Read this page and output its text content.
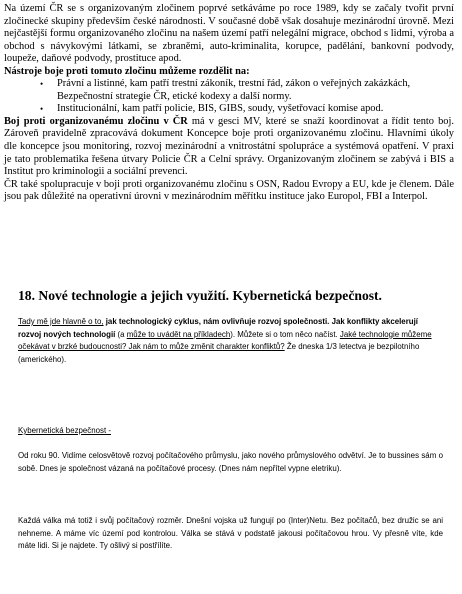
Na území ČR se s organizovaným zločinem poprvé setkáváme po roce 1989, kdy se začaly tvořit první zločinecké skupiny především české národnosti. V současné době však dosahuje mezinárodní úrovně. Mezi nejčastější formu organizovaného zločinu na našem území patří nelegální migrace, obchod s lidmi, výroba a obchod s návykovými látkami, se zbraněmi, auto-kriminalita, korupce, padělání, bankovní podvody, loupeže, daňové podvody, prostituce apod.

Nástroje boje proti tomuto zločinu můžeme rozdělit na:

• Právní a listinné, kam patří trestní zákoník, trestní řád, zákon o veřejných zakázkách, Bezpečnostní strategie ČR, etické kodexy a další normy.
• Institucionální, kam patří policie, BIS, GIBS, soudy, vyšetřovací komise apod.

Boj proti organizovanému zločinu v ČR má v gesci MV, které se snaží koordinovat a řídit tento boj. Zároveň pravidelně zpracovává dokument Koncepce boje proti organizovanému zločinu. Hlavními úkoly dle koncepce jsou monitoring, rozvoj mezinárodní a vnitrostátní spolupráce a systémová opatření. V praxi je tato problematika řešena útvary Policie ČR a Celní správy. Organizovaným zločinem se zabývá i BIS a Institut pro kriminologii a sociální prevenci.

ČR také spolupracuje v boji proti organizovanému zločinu s OSN, Radou Evropy a EU, kde je členem. Dále jsou pak důležité na operativní úrovni v mezinárodním měřítku instituce jako Europol, FBI a Interpol.

18. Nové technologie a jejich využití. Kybernetická bezpečnost.

Tady mě jde hlavně o to, jak technologický cyklus, nám ovlivňuje rozvoj společnosti. Jak konflikty akcelerují rozvoj nových technologií (a může to uvádět na příkladech). Můžete si o tom něco načíst. Jaké technologie můžeme očekávat v brzké budoucnosti? Jak nám to může změnit charakter konfliktů? Že dneska 1/3 letectva je bezpilotního (amerického).

Kybernetická bezpečnost -

Od roku 90. Vidíme celosvětově rozvoj počítačového průmyslu, jako nového průmyslového odvětví. Je to bussines sám o sobě. Dnes je společnost vázaná na počítačové procesy. (Dnes nám nepřítel vypne eletriku).

Každá válka má totiž i svůj počítačový rozměr. Dnešní vojska už fungují po (Inter)Netu. Bez počítačů, bez družic se ani nehneme. A máme víc území pod kontrolou. Válka se stává v podstatě jakousi počítačovou hrou. Vy přesně víte, kde máte lidi. Si je najdete. Ty ošlivý si postřílíte.
